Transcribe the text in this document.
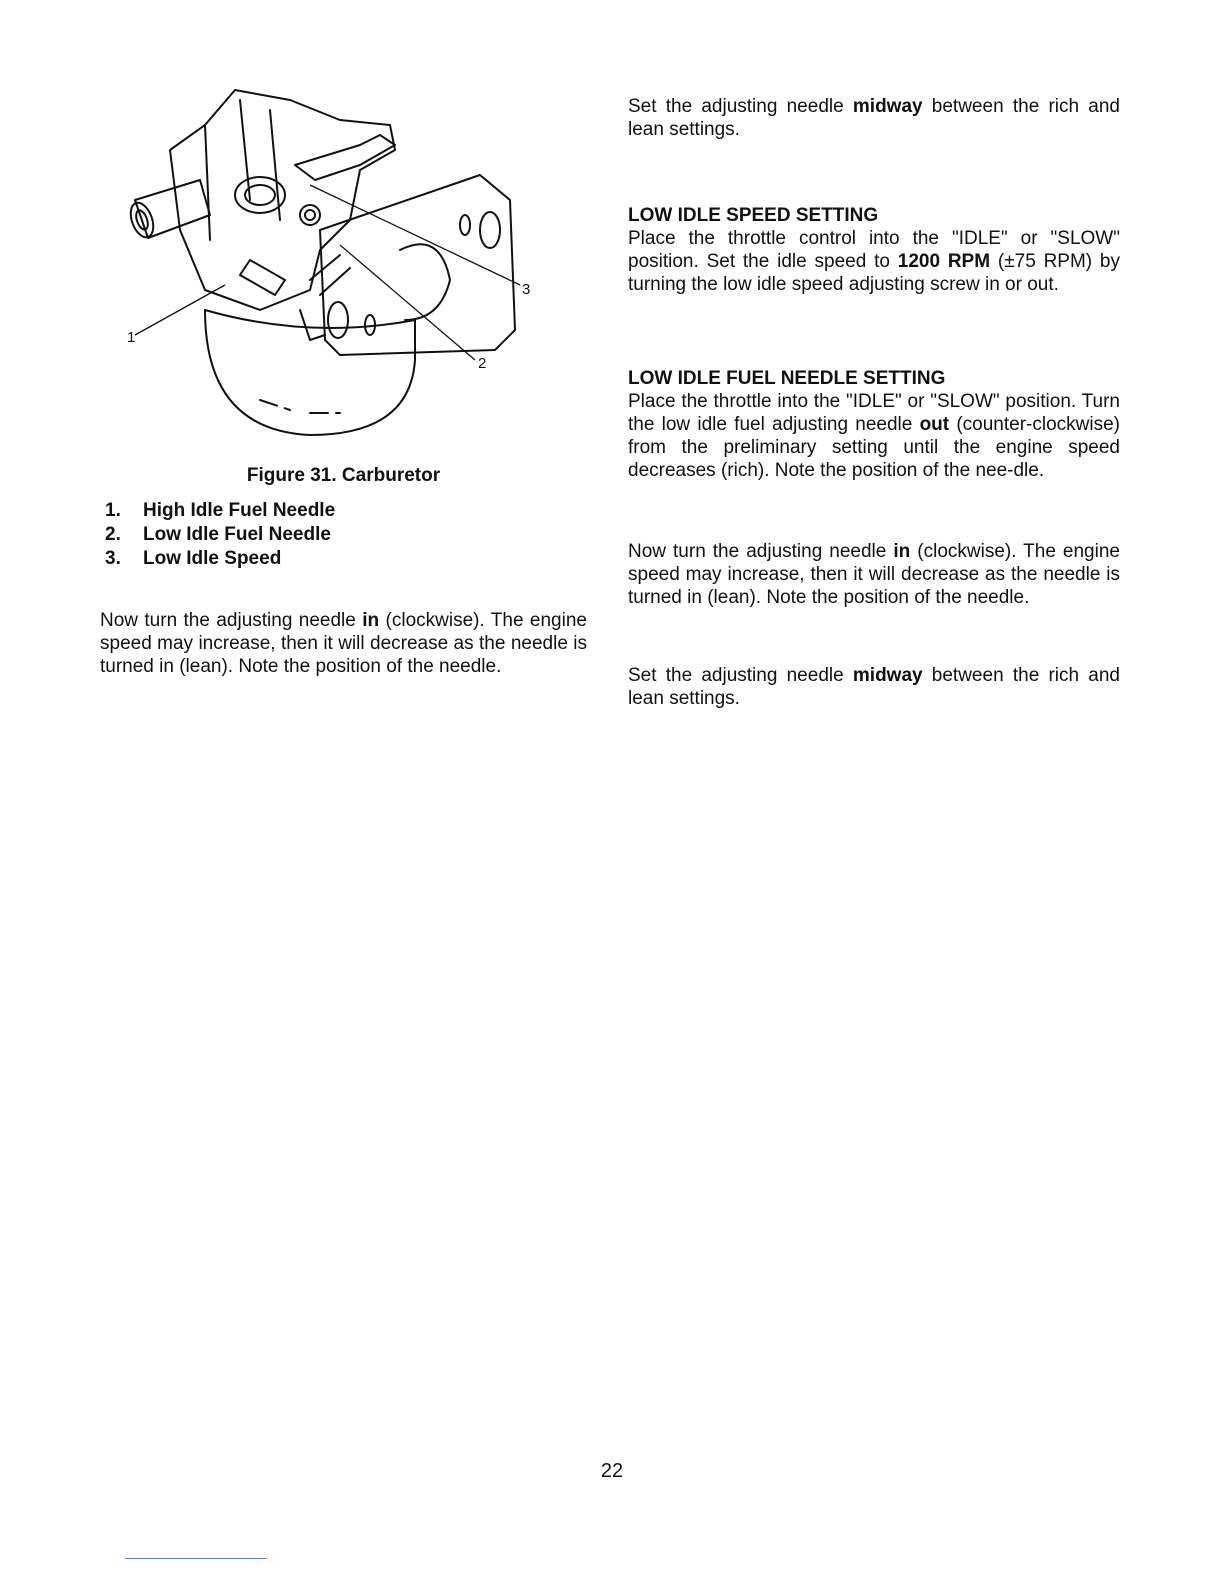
1
2
3
Figure 31. Carburetor
1. High Idle Fuel Needle
2. Low Idle Fuel Needle
3. Low Idle Speed

Now turn the adjusting needle in (clockwise). The engine speed may increase, then it will decrease as the needle is turned in (lean). Note the position of the needle.

Set the adjusting needle midway between the rich and lean settings.

LOW IDLE SPEED SETTING

Place the throttle control into the "IDLE" or "SLOW" position. Set the idle speed to 1200 RPM (±75 RPM) by turning the low idle speed adjusting screw in or out.

LOW IDLE FUEL NEEDLE SETTING

Place the throttle into the "IDLE" or "SLOW" position. Turn the low idle fuel adjusting needle out (counter-clockwise) from the preliminary setting until the engine speed decreases (rich). Note the position of the nee-dle.

Now turn the adjusting needle in (clockwise). The engine speed may increase, then it will decrease as the needle is turned in (lean). Note the position of the needle.

Set the adjusting needle midway between the rich and lean settings.

22
